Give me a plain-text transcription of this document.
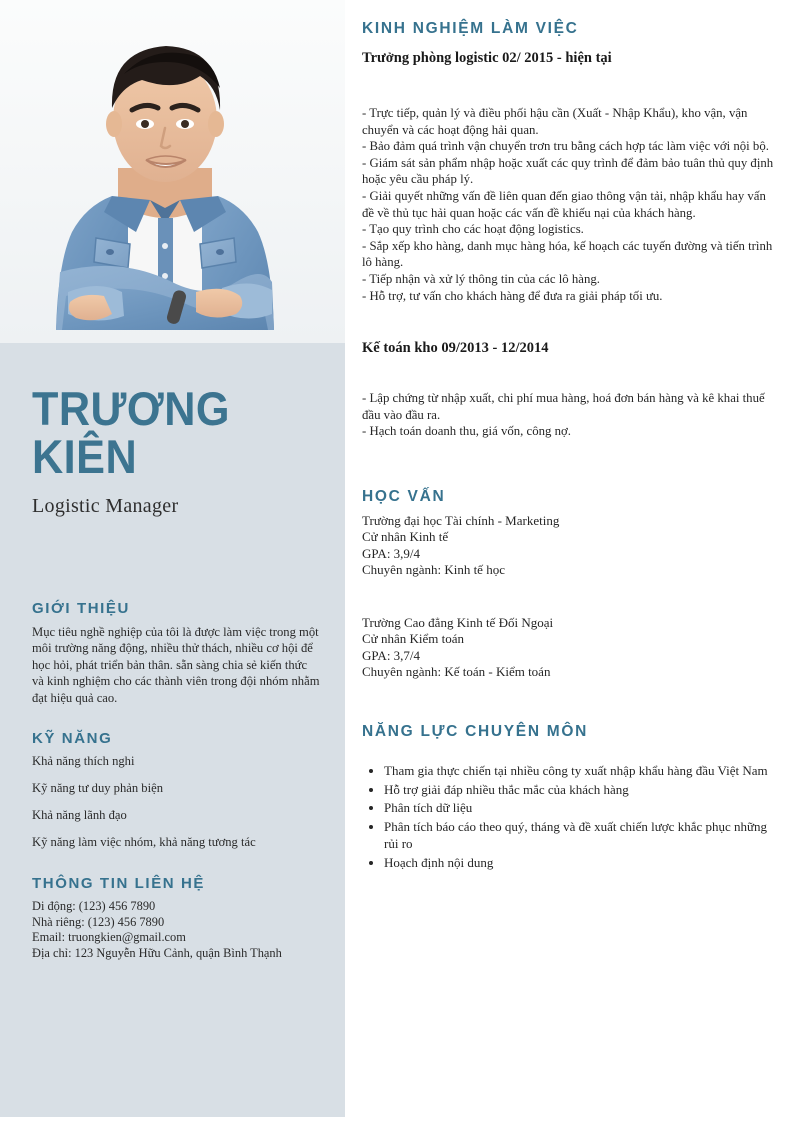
TRƯƠNG
KIÊN
Logistic Manager
GIỚI THIỆU
Mục tiêu nghề nghiệp của tôi là được làm việc trong một môi trường năng động, nhiều thử thách, nhiều cơ hội để học hỏi, phát triển bản thân. sẵn sàng chia sẻ kiến thức và kinh nghiệm cho các thành viên trong đội nhóm nhằm đạt hiệu quả cao.
KỸ NĂNG
Khả năng thích nghi
Kỹ năng tư duy phản biện
Khả năng lãnh đạo
Kỹ năng làm việc nhóm, khả năng tương tác
THÔNG TIN LIÊN HỆ
Di động: (123) 456 7890
Nhà riêng: (123) 456 7890
Email: truongkien@gmail.com
Địa chỉ: 123 Nguyễn Hữu Cảnh, quận Bình Thạnh
KINH NGHIỆM LÀM VIỆC
Trưởng phòng logistic 02/ 2015 - hiện tại
- Trực tiếp, quản lý và điều phối hậu cần (Xuất - Nhập Khẩu), kho vận, vận chuyển và các hoạt động hải quan.
- Bảo đảm quá trình vận chuyển trơn tru bằng cách hợp tác làm việc với nội bộ.
- Giám sát sản phẩm nhập hoặc xuất các quy trình để đảm bảo tuân thủ quy định hoặc yêu cầu pháp lý.
- Giải quyết những vấn đề liên quan đến giao thông vận tải, nhập khẩu hay vấn đề về thủ tục hải quan hoặc các vấn đề khiếu nại của khách hàng.
- Tạo quy trình cho các hoạt động logistics.
- Sắp xếp kho hàng, danh mục hàng hóa, kế hoạch các tuyến đường và tiến trình lô hàng.
- Tiếp nhận và xử lý thông tin của các lô hàng.
- Hỗ trợ, tư vấn cho khách hàng để đưa ra giải pháp tối ưu.
Kế toán kho 09/2013 - 12/2014
- Lập chứng từ nhập xuất, chi phí mua hàng, hoá đơn bán hàng và kê khai thuế đầu vào đầu ra.
- Hạch toán doanh thu, giá vốn, công nợ.
HỌC VẤN
Trường đại học Tài chính - Marketing
Cử nhân Kinh tế
GPA: 3,9/4
Chuyên ngành: Kinh tế học
Trường Cao đẳng Kinh tế Đối Ngoại
Cử nhân Kiểm toán
GPA: 3,7/4
Chuyên ngành: Kế toán - Kiểm toán
NĂNG LỰC CHUYÊN MÔN
• Tham gia thực chiến tại nhiều công ty xuất nhập khẩu hàng đầu Việt Nam
• Hỗ trợ giải đáp nhiều thắc mắc của khách hàng
• Phân tích dữ liệu
• Phân tích báo cáo theo quý, tháng và đề xuất chiến lược khắc phục những rủi ro
• Hoạch định nội dung
